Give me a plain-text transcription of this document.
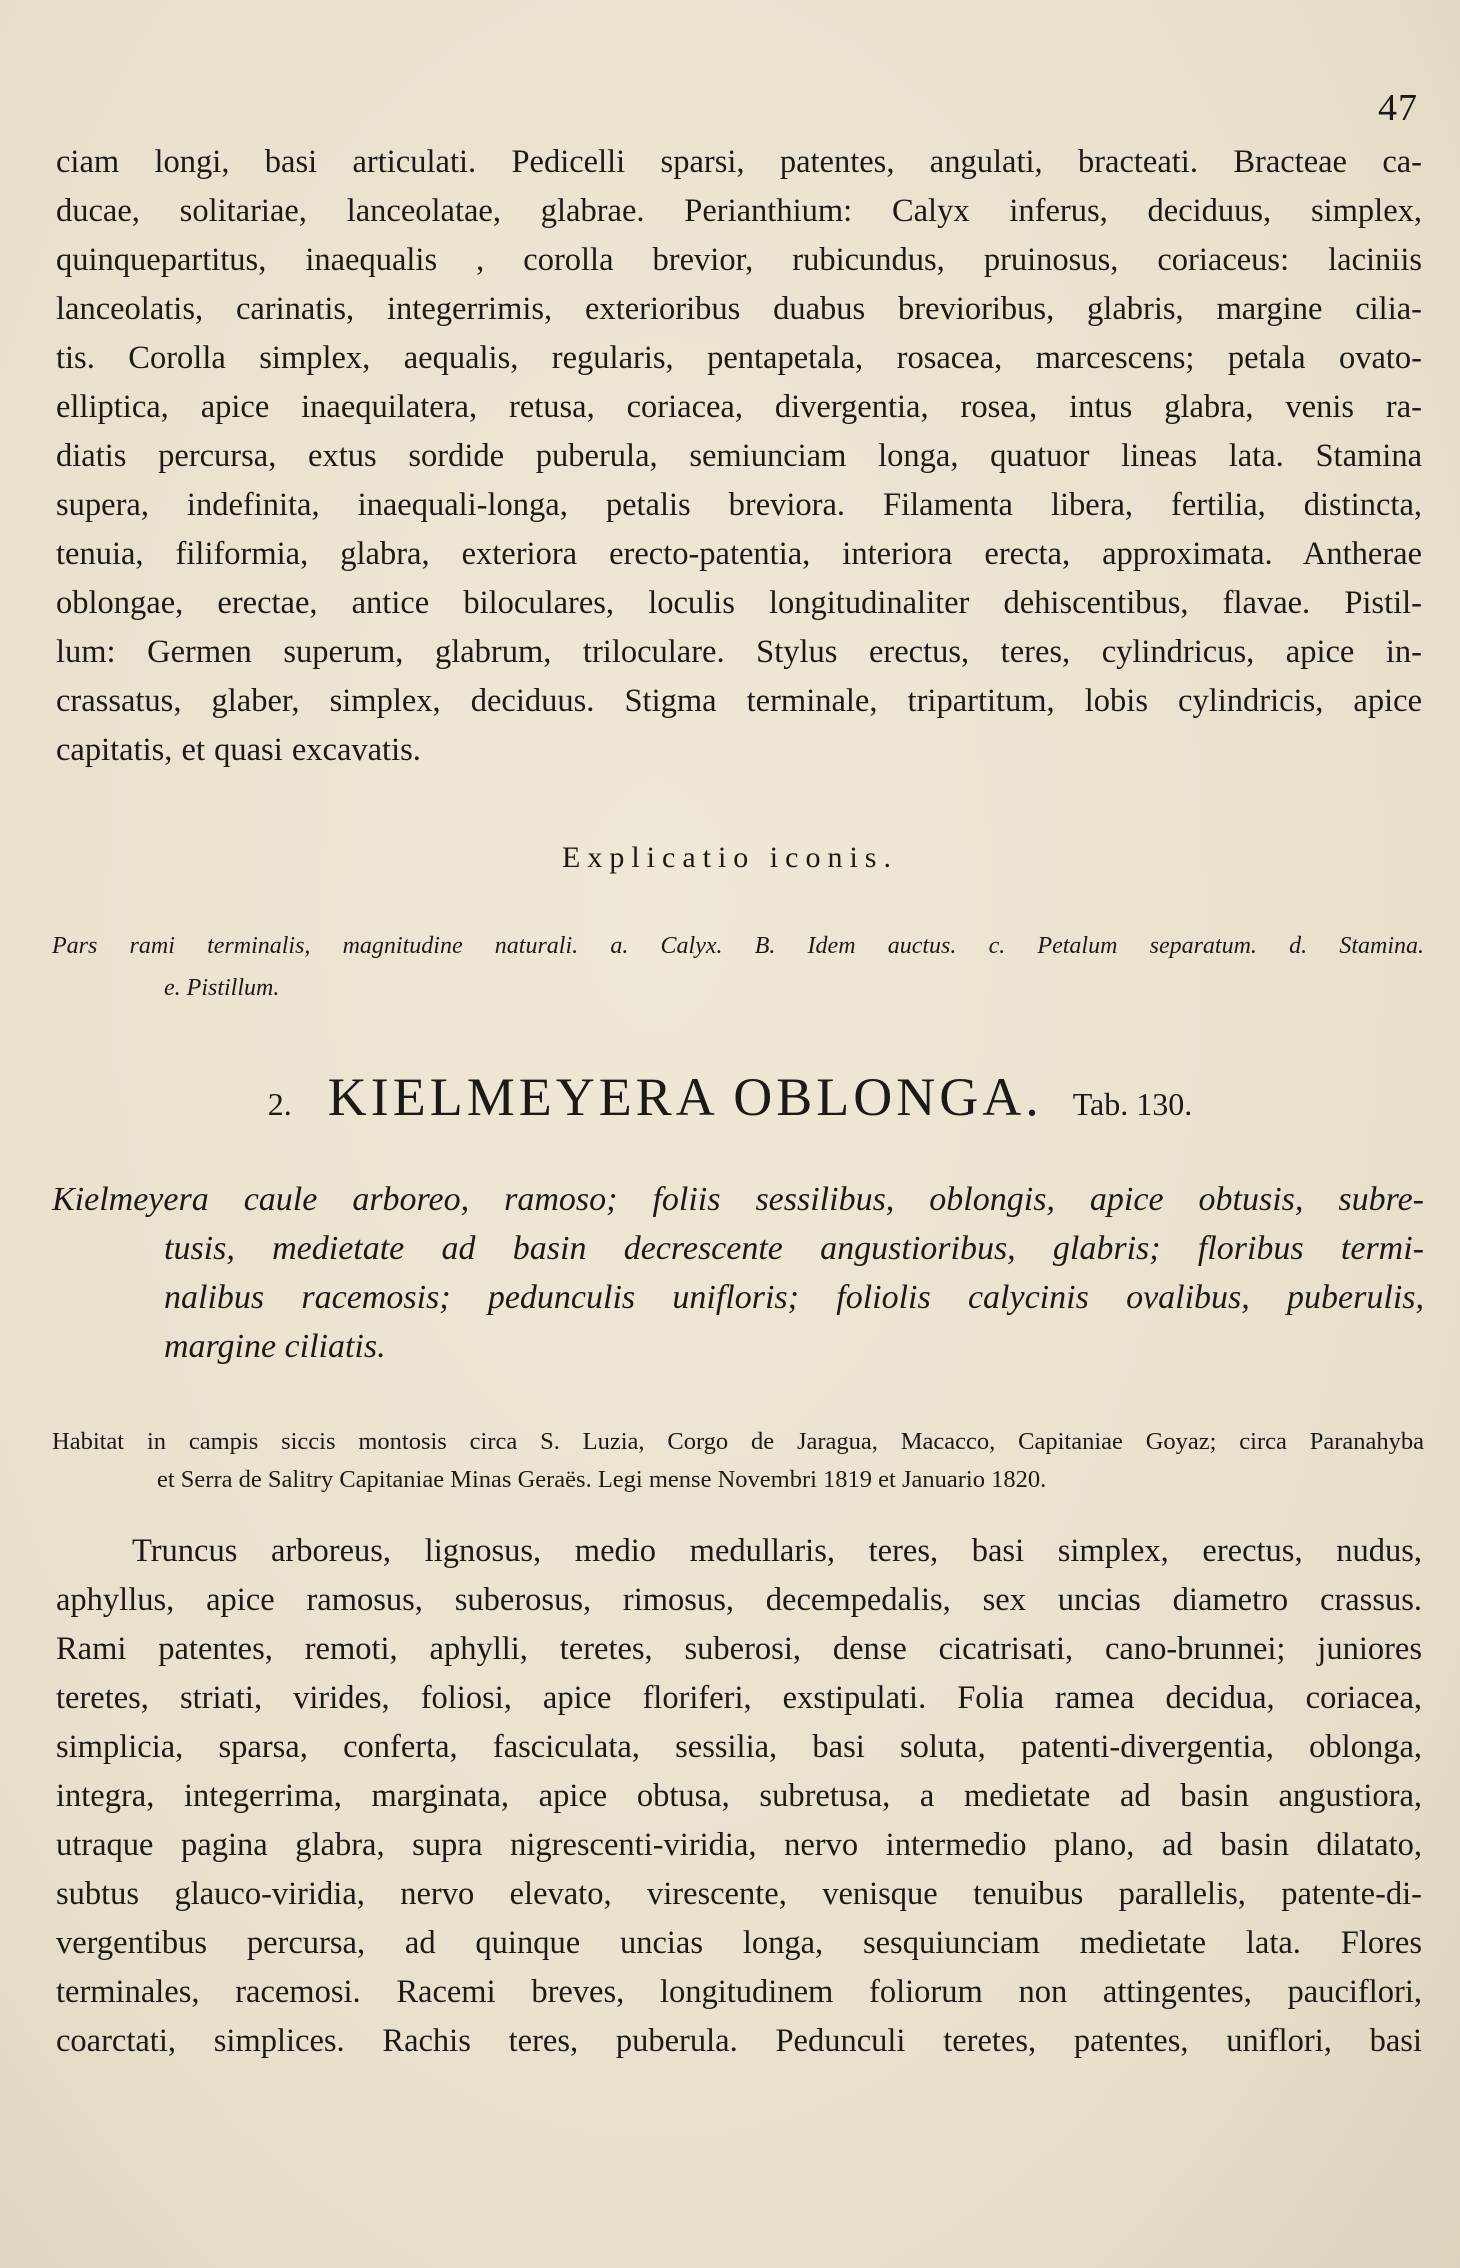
47
ciam longi, basi articulati. Pedicelli sparsi, patentes, angulati, bracteati. Bracteae ca-
ducae, solitariae, lanceolatae, glabrae. Perianthium: Calyx inferus, deciduus, simplex,
quinquepartitus, inaequalis , corolla brevior, rubicundus, pruinosus, coriaceus: laciniis
lanceolatis, carinatis, integerrimis, exterioribus duabus brevioribus, glabris, margine cilia-
tis. Corolla simplex, aequalis, regularis, pentapetala, rosacea, marcescens; petala ovato-
elliptica, apice inaequilatera, retusa, coriacea, divergentia, rosea, intus glabra, venis ra-
diatis percursa, extus sordide puberula, semiunciam longa, quatuor lineas lata. Stamina
supera, indefinita, inaequali-longa, petalis breviora. Filamenta libera, fertilia, distincta,
tenuia, filiformia, glabra, exteriora erecto-patentia, interiora erecta, approximata. Antherae
oblongae, erectae, antice biloculares, loculis longitudinaliter dehiscentibus, flavae. Pistil-
lum: Germen superum, glabrum, triloculare. Stylus erectus, teres, cylindricus, apice in-
crassatus, glaber, simplex, deciduus. Stigma terminale, tripartitum, lobis cylindricis, apice
capitatis, et quasi excavatis.
Explicatio iconis.
Pars rami terminalis, magnitudine naturali. a. Calyx. B. Idem auctus. c. Petalum separatum. d. Stamina.
e. Pistillum.
2. KIELMEYERA OBLONGA. Tab. 130.
Kielmeyera caule arboreo, ramoso; foliis sessilibus, oblongis, apice obtusis, subre-
tusis, medietate ad basin decrescente angustioribus, glabris; floribus termi-
nalibus racemosis; pedunculis unifloris; foliolis calycinis ovalibus, puberulis,
margine ciliatis.
Habitat in campis siccis montosis circa S. Luzia, Corgo de Jaragua, Macacco, Capitaniae Goyaz; circa Paranahyba
et Serra de Salitry Capitaniae Minas Geraës. Legi mense Novembri 1819 et Januario 1820.
Truncus arboreus, lignosus, medio medullaris, teres, basi simplex, erectus, nudus,
aphyllus, apice ramosus, suberosus, rimosus, decempedalis, sex uncias diametro crassus.
Rami patentes, remoti, aphylli, teretes, suberosi, dense cicatrisati, cano-brunnei; juniores
teretes, striati, virides, foliosi, apice floriferi, exstipulati. Folia ramea decidua, coriacea,
simplicia, sparsa, conferta, fasciculata, sessilia, basi soluta, patenti-divergentia, oblonga,
integra, integerrima, marginata, apice obtusa, subretusa, a medietate ad basin angustiora,
utraque pagina glabra, supra nigrescenti-viridia, nervo intermedio plano, ad basin dilatato,
subtus glauco-viridia, nervo elevato, virescente, venisque tenuibus parallelis, patente-di-
vergentibus percursa, ad quinque uncias longa, sesquiunciam medietate lata. Flores
terminales, racemosi. Racemi breves, longitudinem foliorum non attingentes, pauciflori,
coarctati, simplices. Rachis teres, puberula. Pedunculi teretes, patentes, uniflori, basi
